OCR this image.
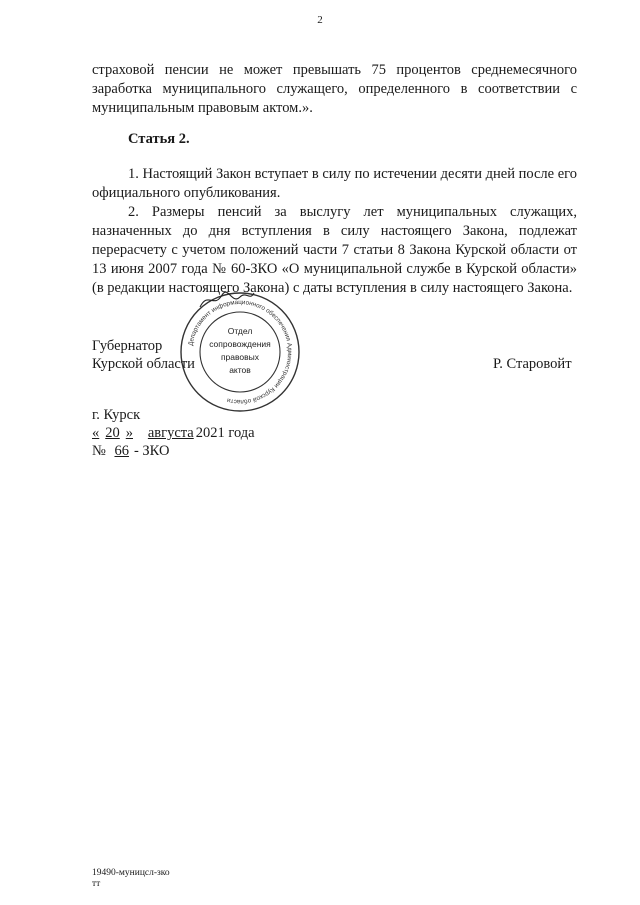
2

страховой пенсии не может превышать 75 процентов среднемесячного заработка муниципального служащего, определенного в соответствии с муниципальным правовым актом.».

Статья 2.

1. Настоящий Закон вступает в силу по истечении десяти дней после его официального опубликования.

2. Размеры пенсий за выслугу лет муниципальных служащих, назначенных до дня вступления в силу настоящего Закона, подлежат перерасчету с учетом положений части 7 статьи 8 Закона Курской области от 13 июня 2007 года № 60-ЗКО «О муниципальной службе в Курской области» (в редакции настоящего Закона) с даты вступления в силу настоящего Закона.

Губернатор
Курской области	Р. Старовойт
Департамент информационного обеспечения Администрации Курской области
Отдел
сопровождения
правовых
актов
г. Курск
« 20 » августа 2021 года
№ 66 - ЗКО
19490-муницсл-зко
тт
